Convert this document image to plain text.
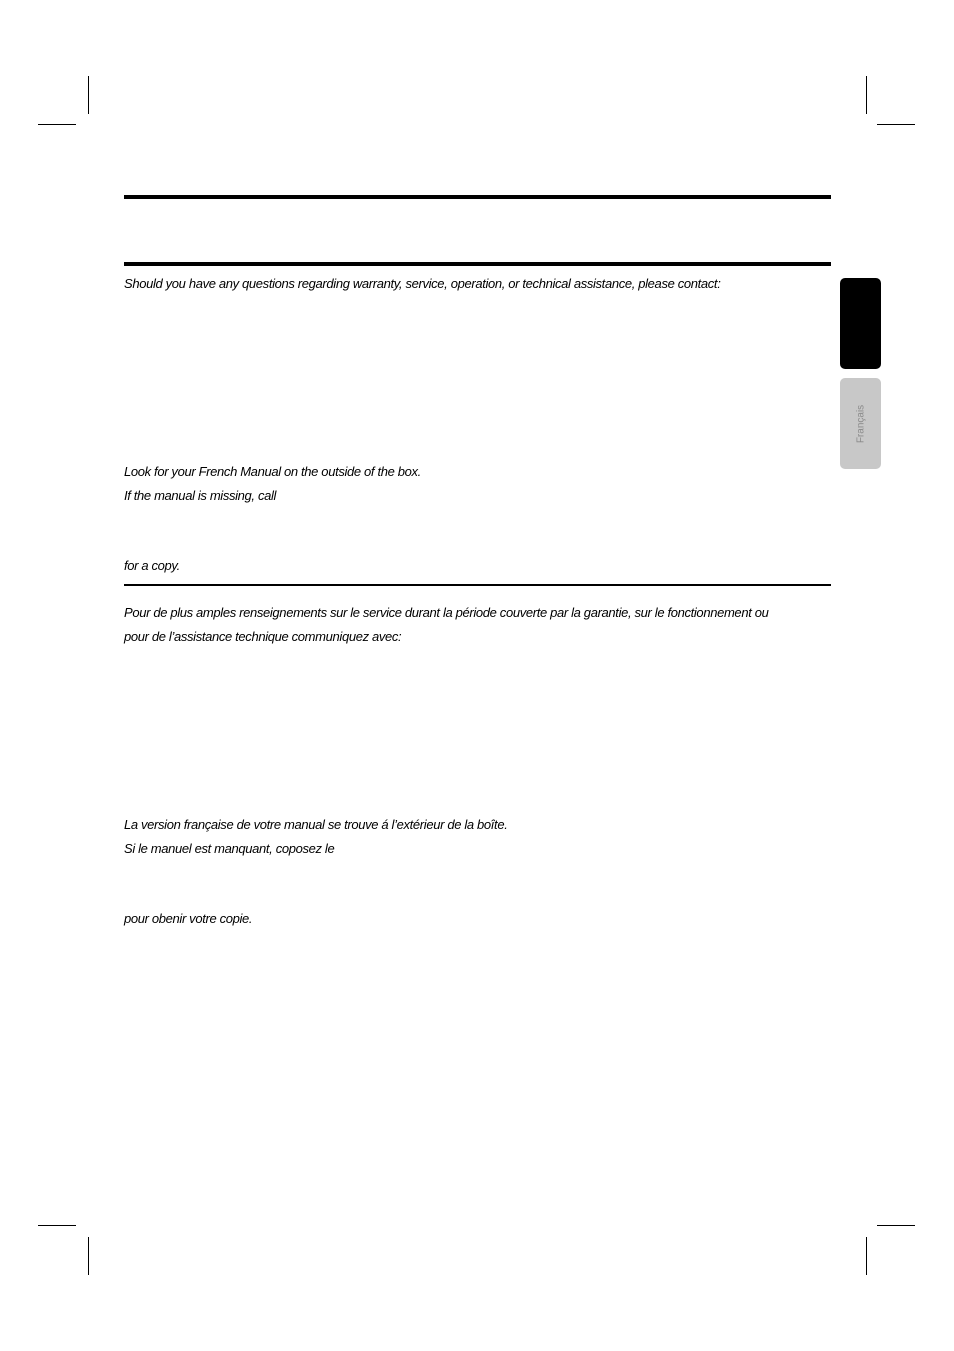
Français
Should you have any questions regarding warranty, service, operation, or technical assistance, please contact:
Look for your French Manual on the outside of the box.
If the manual is missing, call
for a copy.
Pour de plus amples renseignements sur le service durant la période couverte par la garantie, sur le fonctionnement ou
pour de l’assistance technique communiquez avec:
La version française de votre manual se trouve á l’extérieur de la boîte.
Si le manuel est manquant, coposez le
pour obenir votre copie.
